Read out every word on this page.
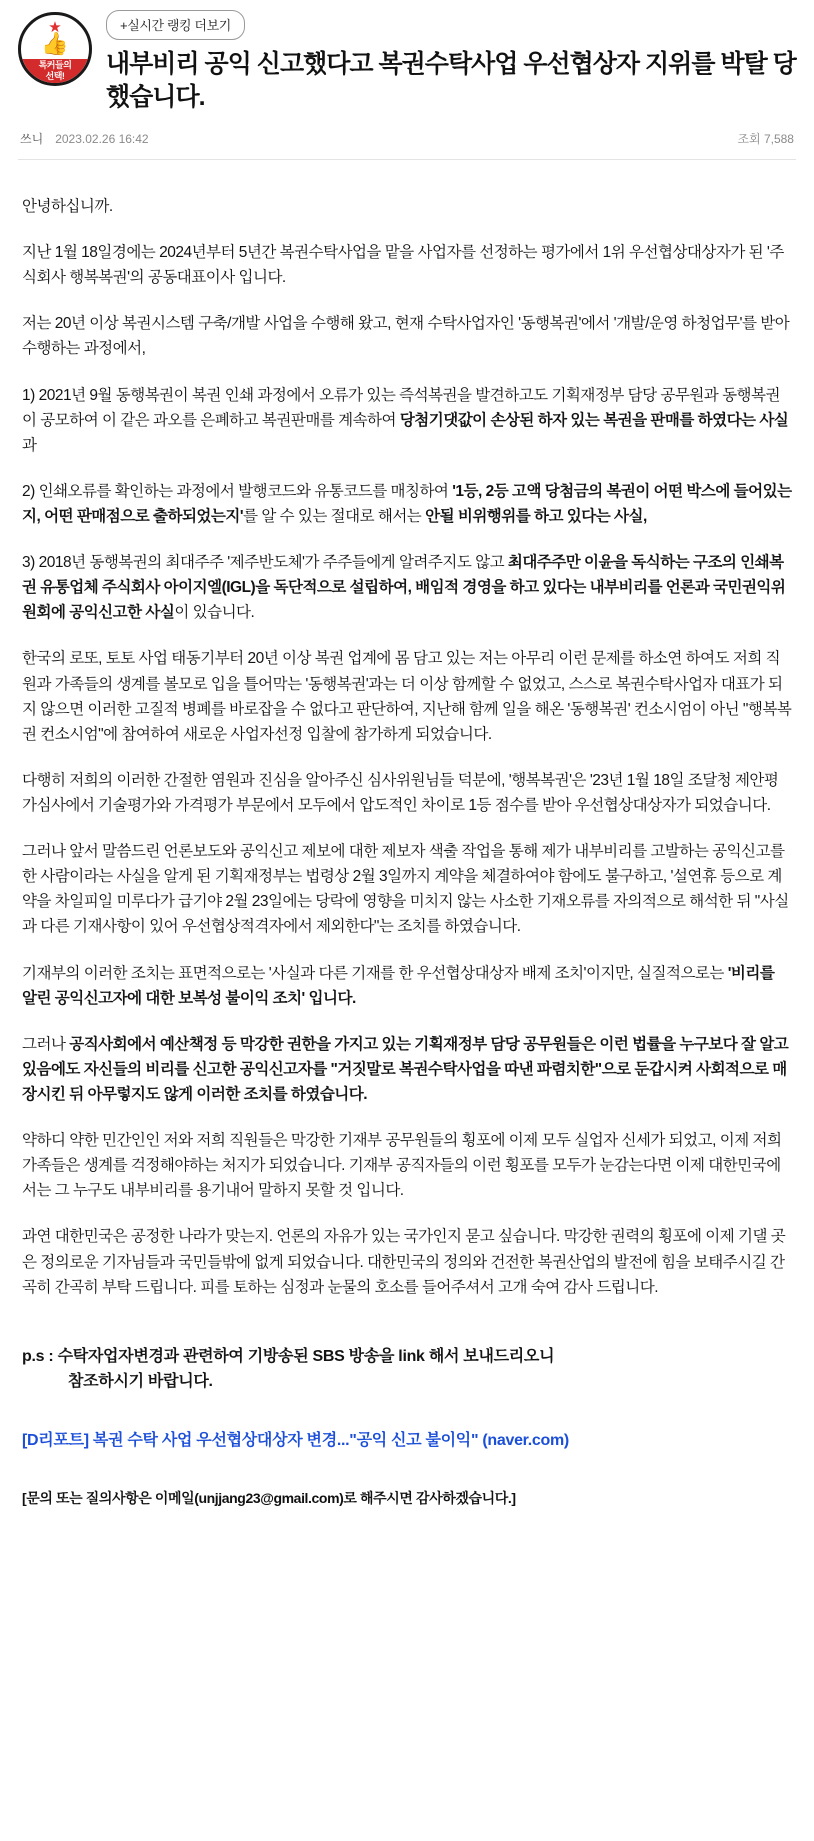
★
👍
톡커들의
선택!
+실시간 랭킹 더보기
내부비리 공익 신고했다고 복권수탁사업 우선협상자 지위를 박탈 당했습니다.
쓰니 2023.02.26 16:42	조회 7,588

안녕하십니까.

지난 1월 18일경에는 2024년부터 5년간 복권수탁사업을 맡을 사업자를 선정하는 평가에서 1위 우선협상대상자가 된 '주식회사 행복복권'의 공동대표이사 입니다.

저는 20년 이상 복권시스템 구축/개발 사업을 수행해 왔고, 현재 수탁사업자인 '동행복권'에서 '개발/운영 하청업무'를 받아 수행하는 과정에서,

1) 2021년 9월 동행복권이 복권 인쇄 과정에서 오류가 있는 즉석복권을 발견하고도 기획재정부 담당 공무원과 동행복권이 공모하여 이 같은 과오를 은폐하고 복권판매를 계속하여 당첨기댓값이 손상된 하자 있는 복권을 판매를 하였다는 사실과

2) 인쇄오류를 확인하는 과정에서 발행코드와 유통코드를 매칭하여 '1등, 2등 고액 당첨금의 복권이 어떤 박스에 들어있는지, 어떤 판매점으로 출하되었는지'를 알 수 있는 절대로 해서는 안될 비위행위를 하고 있다는 사실,

3) 2018년 동행복권의 최대주주 '제주반도체'가 주주들에게 알려주지도 않고 최대주주만 이윤을 독식하는 구조의 인쇄복권 유통업체 주식회사 아이지엘(IGL)을 독단적으로 설립하여, 배임적 경영을 하고 있다는 내부비리를 언론과 국민권익위원회에 공익신고한 사실이 있습니다.

한국의 로또, 토토 사업 태동기부터 20년 이상 복권 업계에 몸 담고 있는 저는 아무리 이런 문제를 하소연 하여도 저희 직원과 가족들의 생계를 볼모로 입을 틀어막는 '동행복권'과는 더 이상 함께할 수 없었고, 스스로 복권수탁사업자 대표가 되지 않으면 이러한 고질적 병폐를 바로잡을 수 없다고 판단하여, 지난해 함께 일을 해온 '동행복권' 컨소시엄이 아닌 "행복복권 컨소시엄"에 참여하여 새로운 사업자선정 입찰에 참가하게 되었습니다.

다행히 저희의 이러한 간절한 염원과 진심을 알아주신 심사위원님들 덕분에, '행복복권'은 '23년 1월 18일 조달청 제안평가심사에서 기술평가와 가격평가 부문에서 모두에서 압도적인 차이로 1등 점수를 받아 우선협상대상자가 되었습니다.

그러나 앞서 말씀드린 언론보도와 공익신고 제보에 대한 제보자 색출 작업을 통해 제가 내부비리를 고발하는 공익신고를 한 사람이라는 사실을 알게 된 기획재정부는 법령상 2월 3일까지 계약을 체결하여야 함에도 불구하고, '설연휴 등으로 계약을 차일피일 미루다가 급기야 2월 23일에는 당락에 영향을 미치지 않는 사소한 기재오류를 자의적으로 해석한 뒤 "사실과 다른 기재사항이 있어 우선협상적격자에서 제외한다"는 조치를 하였습니다.

기재부의 이러한 조치는 표면적으로는 '사실과 다른 기재를 한 우선협상대상자 배제 조치'이지만, 실질적으로는 '비리를 알린 공익신고자에 대한 보복성 불이익 조치' 입니다.

그러나 공직사회에서 예산책정 등 막강한 권한을 가지고 있는 기획재정부 담당 공무원들은 이런 법률을 누구보다 잘 알고 있음에도 자신들의 비리를 신고한 공익신고자를 "거짓말로 복권수탁사업을 따낸 파렴치한"으로 둔갑시켜 사회적으로 매장시킨 뒤 아무렇지도 않게 이러한 조치를 하였습니다.

약하디 약한 민간인인 저와 저희 직원들은 막강한 기재부 공무원들의 횡포에 이제 모두 실업자 신세가 되었고, 이제 저희 가족들은 생계를 걱정해야하는 처지가 되었습니다. 기재부 공직자들의 이런 횡포를 모두가 눈감는다면 이제 대한민국에서는 그 누구도 내부비리를 용기내어 말하지 못할 것 입니다.

과연 대한민국은 공정한 나라가 맞는지. 언론의 자유가 있는 국가인지 묻고 싶습니다. 막강한 권력의 횡포에 이제 기댈 곳은 정의로운 기자님들과 국민들밖에 없게 되었습니다. 대한민국의 정의와 건전한 복권산업의 발전에 힘을 보태주시길 간곡히 간곡히 부탁 드립니다. 피를 토하는 심정과 눈물의 호소를 들어주셔서 고개 숙여 감사 드립니다.

p.s : 수탁자업자변경과 관련하여 기방송된 SBS 방송을 link 해서 보내드리오니
참조하시기 바랍니다.
[D리포트] 복권 수탁 사업 우선협상대상자 변경..."공익 신고 불이익" (naver.com)
[문의 또는 질의사항은 이메일(unjjang23@gmail.com)로 해주시면 감사하겠습니다.]
